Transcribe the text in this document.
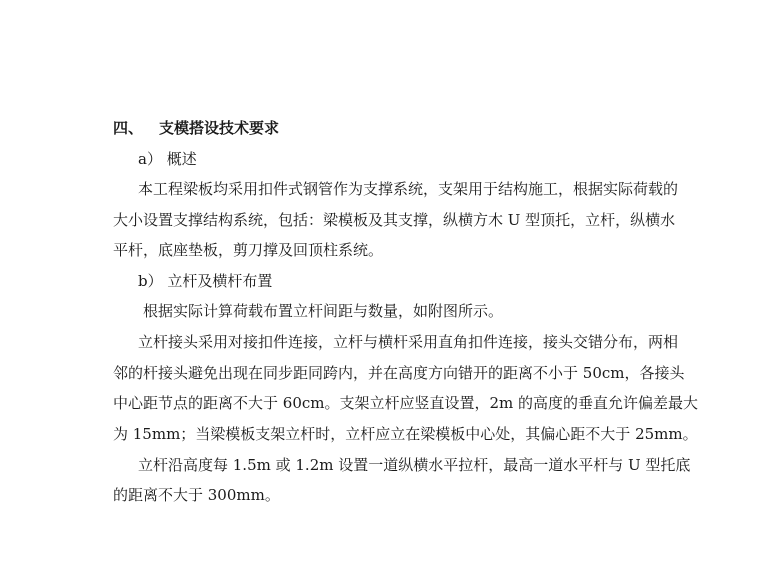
四、 支模搭设技术要求
a） 概述
本工程梁板均采用扣件式钢管作为支撑系统，支架用于结构施工，根据实际荷载的
大小设置支撑结构系统，包括：梁模板及其支撑，纵横方木 U 型顶托，立杆，纵横水
平杆，底座垫板，剪刀撑及回顶柱系统。
b） 立杆及横杆布置
根据实际计算荷载布置立杆间距与数量，如附图所示。
立杆接头采用对接扣件连接，立杆与横杆采用直角扣件连接，接头交错分布，两相
邻的杆接头避免出现在同步距同跨内，并在高度方向错开的距离不小于 50cm，各接头
中心距节点的距离不大于 60cm。支架立杆应竖直设置，2m 的高度的垂直允许偏差最大
为 15mm；当梁模板支架立杆时，立杆应立在梁模板中心处，其偏心距不大于 25mm。
立杆沿高度每 1.5m 或 1.2m 设置一道纵横水平拉杆，最高一道水平杆与 U 型托底
的距离不大于 300mm。
